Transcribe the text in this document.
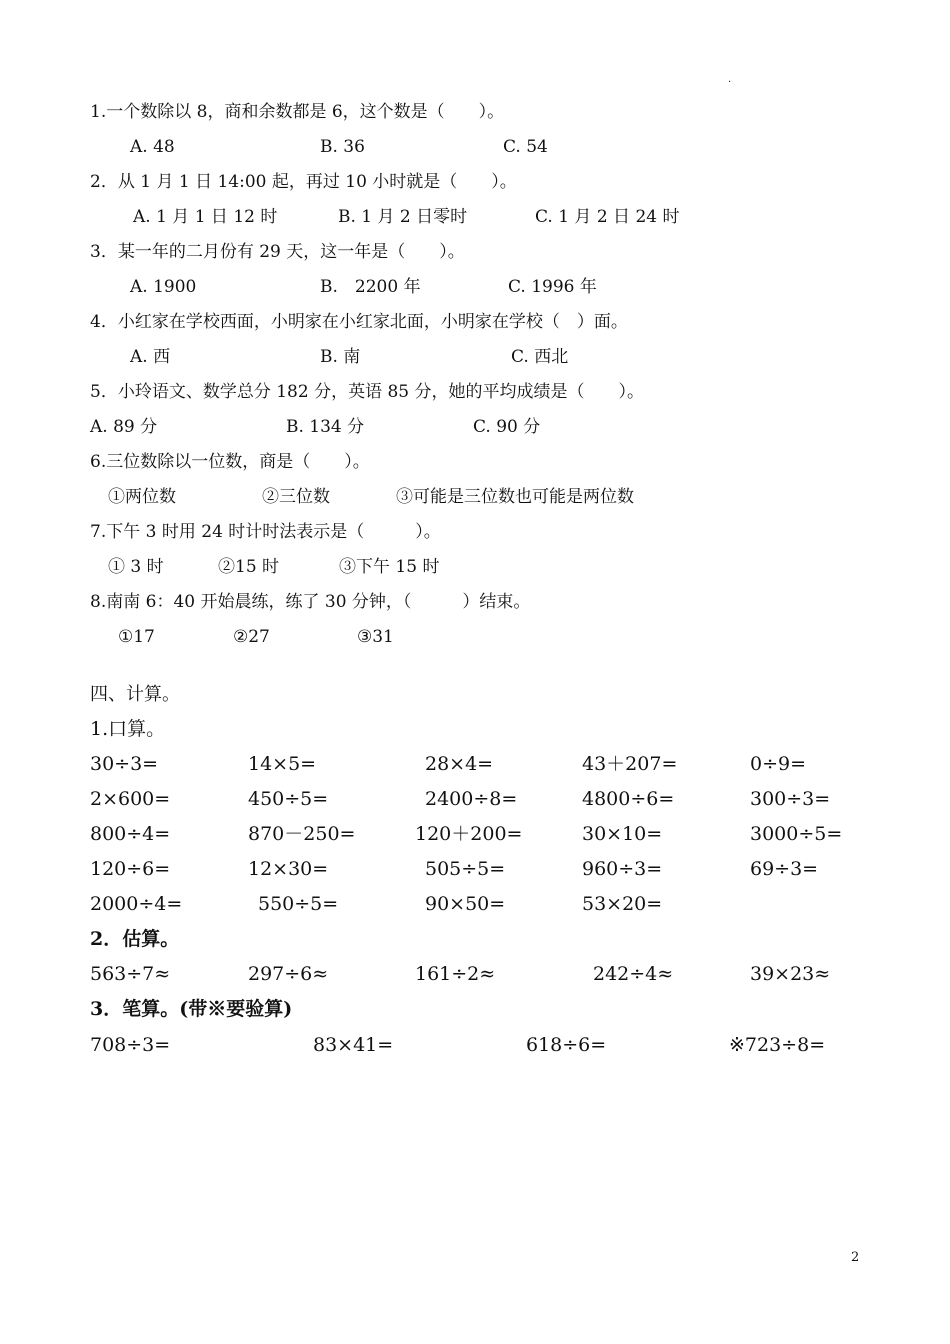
.
1.一个数除以 8，商和余数都是 6，这个数是（　　）。
A. 48	B. 36	C. 54
2．从 1 月 1 日 14:00 起，再过 10 小时就是（　　）。
A. 1 月 1 日 12 时	B. 1 月 2 日零时	C. 1 月 2 日 24 时
3．某一年的二月份有 29 天，这一年是（　　）。
A. 1900	B.　2200 年	C. 1996 年
4．小红家在学校西面，小明家在小红家北面，小明家在学校（　）面。
A. 西	B. 南	C. 西北
5．小玲语文、数学总分 182 分，英语 85 分，她的平均成绩是（　　）。
A. 89 分	B. 134 分	C. 90 分
6.三位数除以一位数，商是（　　）。
①两位数	②三位数	③可能是三位数也可能是两位数
7.下午 3 时用 24 时计时法表示是（　　　）。
① 3 时	②15 时	③下午 15 时
8.南南 6：40 开始晨练，练了 30 分钟，（　　　）结束。
①17	②27	③31
四、计算。
1.口算。
30÷3=	14×5=	28×4=	43＋207=	0÷9=
2×600=	450÷5=	2400÷8=	4800÷6=	300÷3=
800÷4=	870－250=	120＋200=	30×10=	3000÷5=
120÷6=	12×30=	505÷5=	960÷3=	69÷3=
2000÷4=	550÷5=	90×50=	53×20=
2．估算。
563÷7≈	297÷6≈	161÷2≈	242÷4≈	39×23≈
3．笔算。(带※要验算)
708÷3=	83×41=	618÷6=	※723÷8=
2
